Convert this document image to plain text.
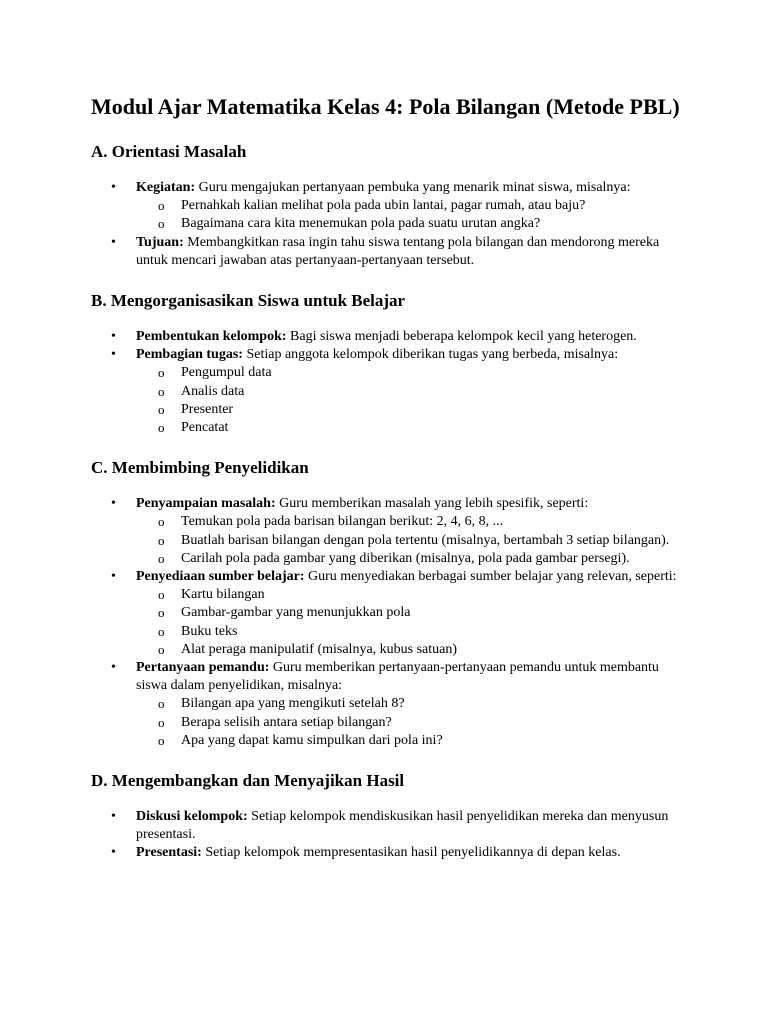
Modul Ajar Matematika Kelas 4: Pola Bilangan (Metode PBL)
A. Orientasi Masalah
• Kegiatan: Guru mengajukan pertanyaan pembuka yang menarik minat siswa, misalnya:
o Pernahkah kalian melihat pola pada ubin lantai, pagar rumah, atau baju?
o Bagaimana cara kita menemukan pola pada suatu urutan angka?
• Tujuan: Membangkitkan rasa ingin tahu siswa tentang pola bilangan dan mendorong mereka untuk mencari jawaban atas pertanyaan-pertanyaan tersebut.
B. Mengorganisasikan Siswa untuk Belajar
• Pembentukan kelompok: Bagi siswa menjadi beberapa kelompok kecil yang heterogen.
• Pembagian tugas: Setiap anggota kelompok diberikan tugas yang berbeda, misalnya:
o Pengumpul data
o Analis data
o Presenter
o Pencatat
C. Membimbing Penyelidikan
• Penyampaian masalah: Guru memberikan masalah yang lebih spesifik, seperti:
o Temukan pola pada barisan bilangan berikut: 2, 4, 6, 8, ...
o Buatlah barisan bilangan dengan pola tertentu (misalnya, bertambah 3 setiap bilangan).
o Carilah pola pada gambar yang diberikan (misalnya, pola pada gambar persegi).
• Penyediaan sumber belajar: Guru menyediakan berbagai sumber belajar yang relevan, seperti:
o Kartu bilangan
o Gambar-gambar yang menunjukkan pola
o Buku teks
o Alat peraga manipulatif (misalnya, kubus satuan)
• Pertanyaan pemandu: Guru memberikan pertanyaan-pertanyaan pemandu untuk membantu siswa dalam penyelidikan, misalnya:
o Bilangan apa yang mengikuti setelah 8?
o Berapa selisih antara setiap bilangan?
o Apa yang dapat kamu simpulkan dari pola ini?
D. Mengembangkan dan Menyajikan Hasil
• Diskusi kelompok: Setiap kelompok mendiskusikan hasil penyelidikan mereka dan menyusun presentasi.
• Presentasi: Setiap kelompok mempresentasikan hasil penyelidikannya di depan kelas.
